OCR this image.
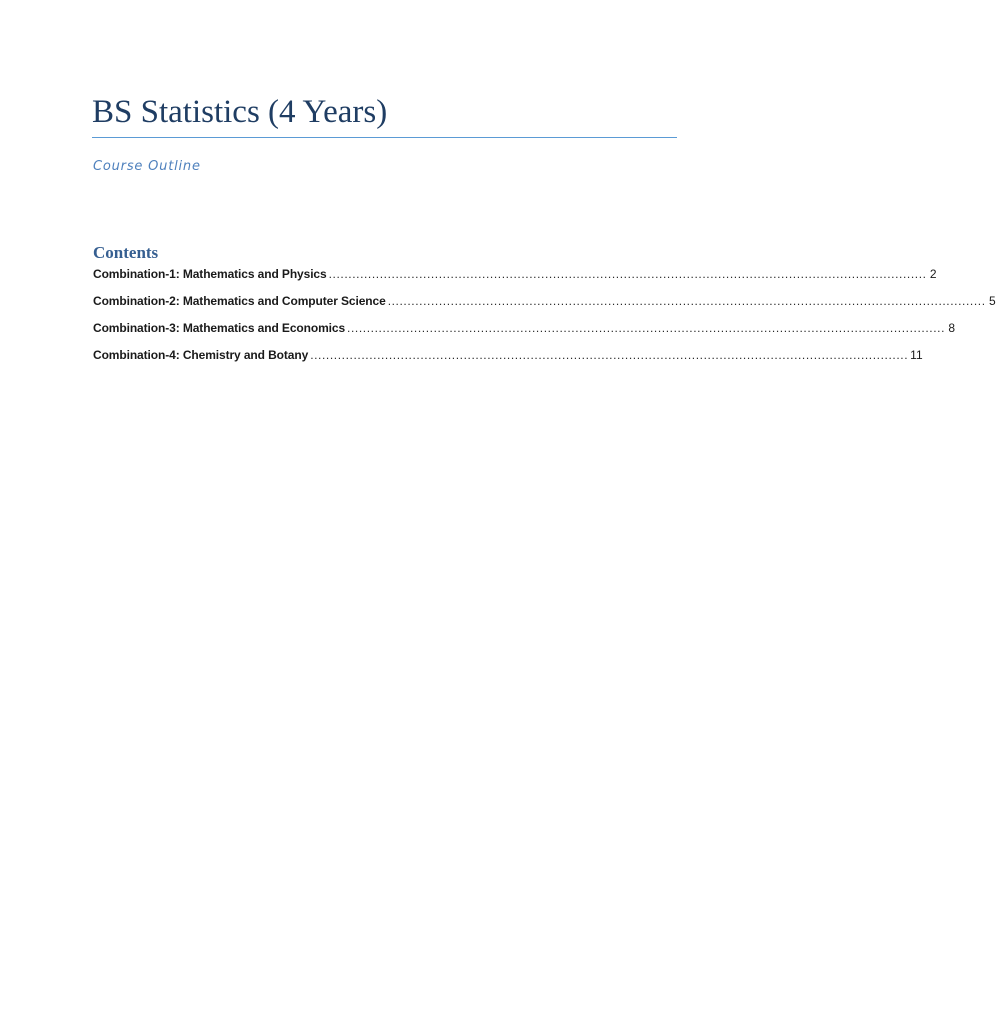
BS Statistics (4 Years)

Course Outline

Contents
Combination-1: Mathematics and Physics ........................................................................................................................................................ 2
Combination-2: Mathematics and Computer Science ........................................................................................................................................................ 5
Combination-3: Mathematics and Economics ........................................................................................................................................................ 8
Combination-4: Chemistry and Botany ........................................................................................................................................................ 11
